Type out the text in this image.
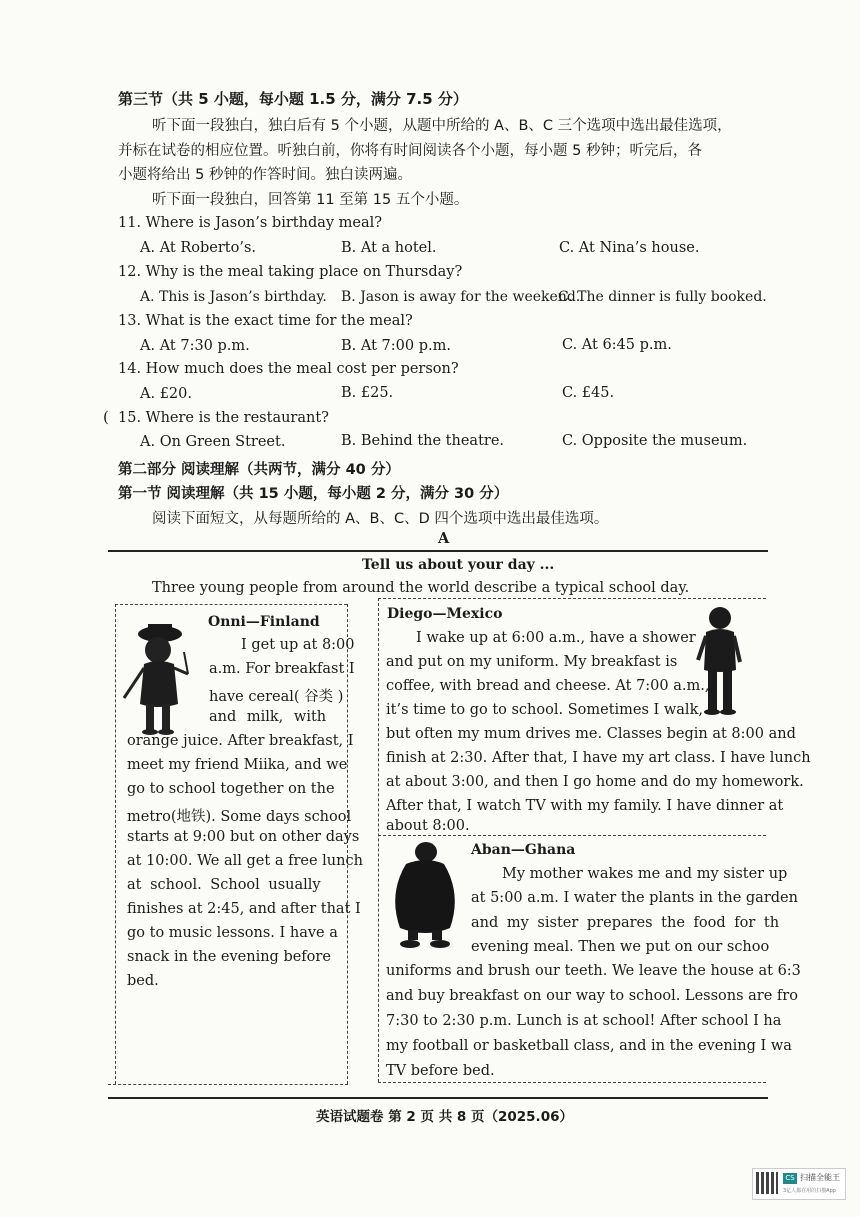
第三节（共 5 小题，每小题 1.5 分，满分 7.5 分）
听下面一段独白，独白后有 5 个小题，从题中所给的 A、B、C 三个选项中选出最佳选项，
并标在试卷的相应位置。听独白前，你将有时间阅读各个小题，每小题 5 秒钟；听完后，各
小题将给出 5 秒钟的作答时间。独白读两遍。
听下面一段独白，回答第 11 至第 15 五个小题。
11. Where is Jason’s birthday meal?
A. At Roberto’s.	B. At a hotel.	C. At Nina’s house.
12. Why is the meal taking place on Thursday?
A. This is Jason’s birthday. B. Jason is away for the weekend.
C. The dinner is fully booked.
13. What is the exact time for the meal?
A. At 7:30 p.m.	B. At 7:00 p.m.	C. At 6:45 p.m.
14. How much does the meal cost per person?
A. £20.	B. £25.	C. £45.
( 15. Where is the restaurant?
A. On Green Street.	B. Behind the theatre.	C. Opposite the museum.
第二部分 阅读理解（共两节，满分 40 分）
第一节 阅读理解（共 15 小题，每小题 2 分，满分 30 分）
阅读下面短文，从每题所给的 A、B、C、D 四个选项中选出最佳选项。
A
Tell us about your day ...
Three young people from around the world describe a typical school day.
Onni—Finland
I get up at 8:00
a.m. For breakfast I
have cereal( 谷类 )
and milk, with
orange juice. After breakfast, I
meet my friend Miika, and we
go to school together on the
metro(地铁). Some days school
starts at 9:00 but on other days
at 10:00. We all get a free lunch
at school. School usually
finishes at 2:45, and after that I
go to music lessons. I have a
snack in the evening before
bed.
Diego—Mexico
I wake up at 6:00 a.m., have a shower
and put on my uniform. My breakfast is
coffee, with bread and cheese. At 7:00 a.m.,
it’s time to go to school. Sometimes I walk,
but often my mum drives me. Classes begin at 8:00 and
finish at 2:30. After that, I have my art class. I have lunch
at about 3:00, and then I go home and do my homework.
After that, I watch TV with my family. I have dinner at
about 8:00.
Aban—Ghana
My mother wakes me and my sister up
at 5:00 a.m. I water the plants in the garden
and my sister prepares the food for th
evening meal. Then we put on our schoo
uniforms and brush our teeth. We leave the house at 6:3
and buy breakfast on our way to school. Lessons are fro
7:30 to 2:30 p.m. Lunch is at school! After school I ha
my football or basketball class, and in the evening I wa
TV before bed.
英语试题卷 第 2 页 共 8 页（2025.06）
CS 扫描全能王
3亿人都在用的扫描App
